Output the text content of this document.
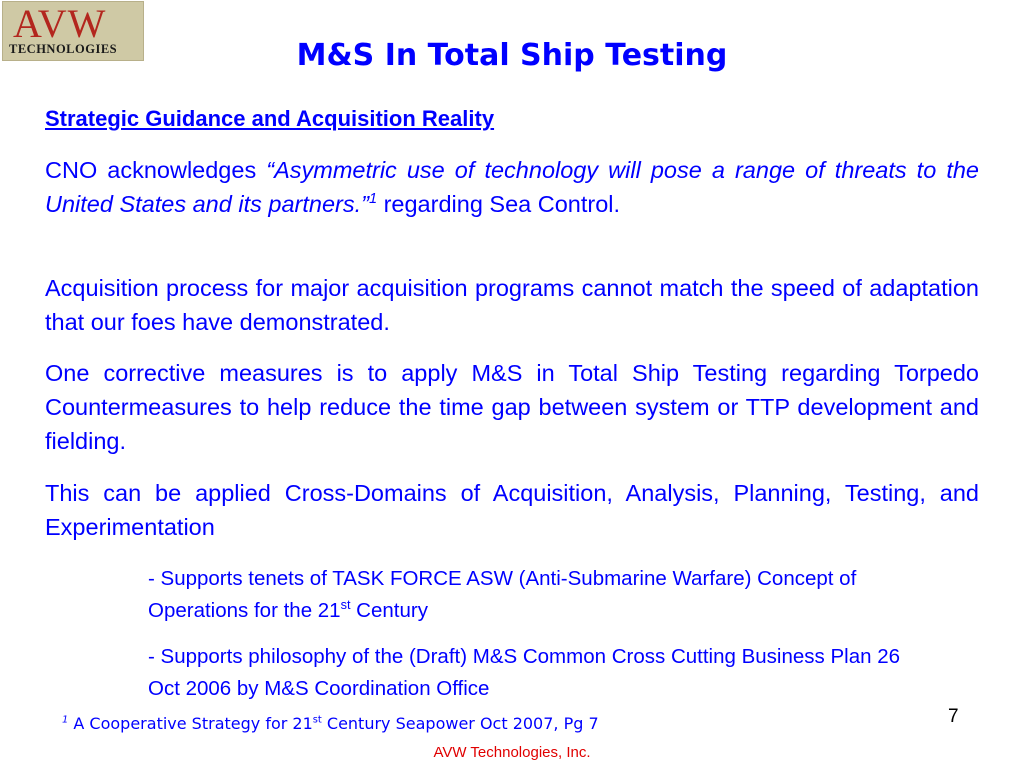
AVW
TECHNOLOGIES	M&S In Total Ship Testing
Strategic Guidance and Acquisition Reality

CNO acknowledges “Asymmetric use of technology will pose a range of threats to the United States and its partners.”$^1$ regarding Sea Control.

Acquisition process for major acquisition programs cannot match the speed of adaptation that our foes have demonstrated.

One corrective measures is to apply M&S in Total Ship Testing regarding Torpedo Countermeasures to help reduce the time gap between system or TTP development and fielding.

This can be applied Cross-Domains of Acquisition, Analysis, Planning, Testing, and Experimentation

- Supports tenets of TASK FORCE ASW (Anti-Submarine Warfare) Concept of Operations for the 21st Century

- Supports philosophy of the (Draft) M&S Common Cross Cutting Business Plan 26 Oct 2006 by M&S Coordination Office

$^1$ A Cooperative Strategy for 21st Century Seapower Oct 2007, Pg 7	7
AVW Technologies, Inc.
